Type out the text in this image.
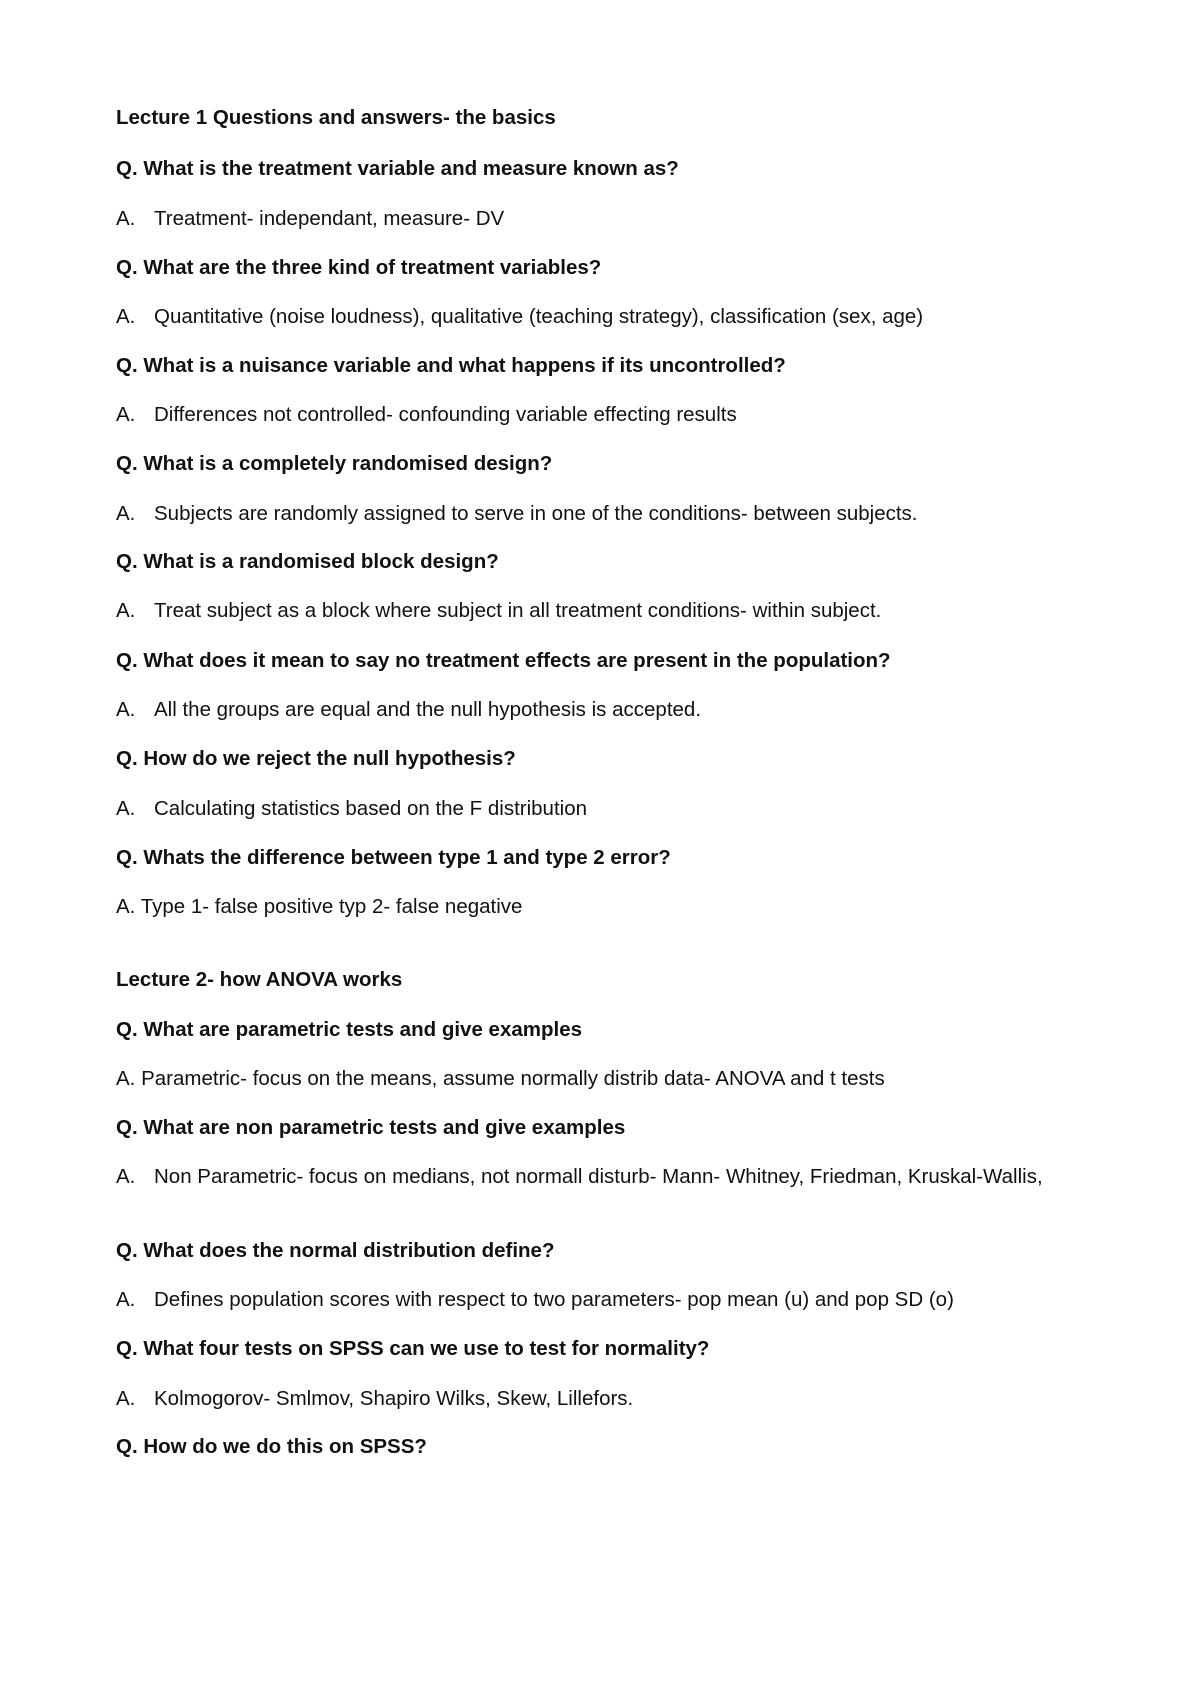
Lecture 1 Questions and answers- the basics
Q. What is the treatment variable and measure known as?
A. Treatment- independant, measure- DV
Q. What are the three kind of treatment variables?
A. Quantitative (noise loudness), qualitative (teaching strategy), classification (sex, age)
Q. What is a nuisance variable and what happens if its uncontrolled?
A. Differences not controlled- confounding variable effecting results
Q. What is a completely randomised design?
A. Subjects are randomly assigned to serve in one of the conditions- between subjects.
Q. What is a randomised block design?
A. Treat subject as a block where subject in all treatment conditions- within subject.
Q. What does it mean to say no treatment effects are present in the population?
A. All the groups are equal and the null hypothesis is accepted.
Q. How do we reject the null hypothesis?
A. Calculating statistics based on the F distribution
Q. Whats the difference between type 1 and type 2 error?
A. Type 1- false positive typ 2- false negative
Lecture 2- how ANOVA works
Q. What are parametric tests and give examples
A. Parametric- focus on the means, assume normally distrib data- ANOVA and t tests
Q. What are non parametric tests and give examples
A. Non Parametric- focus on medians, not normall disturb- Mann- Whitney, Friedman, Kruskal-Wallis,
Q. What does the normal distribution define?
A. Defines population scores with respect to two parameters- pop mean (u) and pop SD (o)
Q. What four tests on SPSS can we use to test for normality?
A. Kolmogorov- Smlmov, Shapiro Wilks, Skew, Lillefors.
Q. How do we do this on SPSS?
